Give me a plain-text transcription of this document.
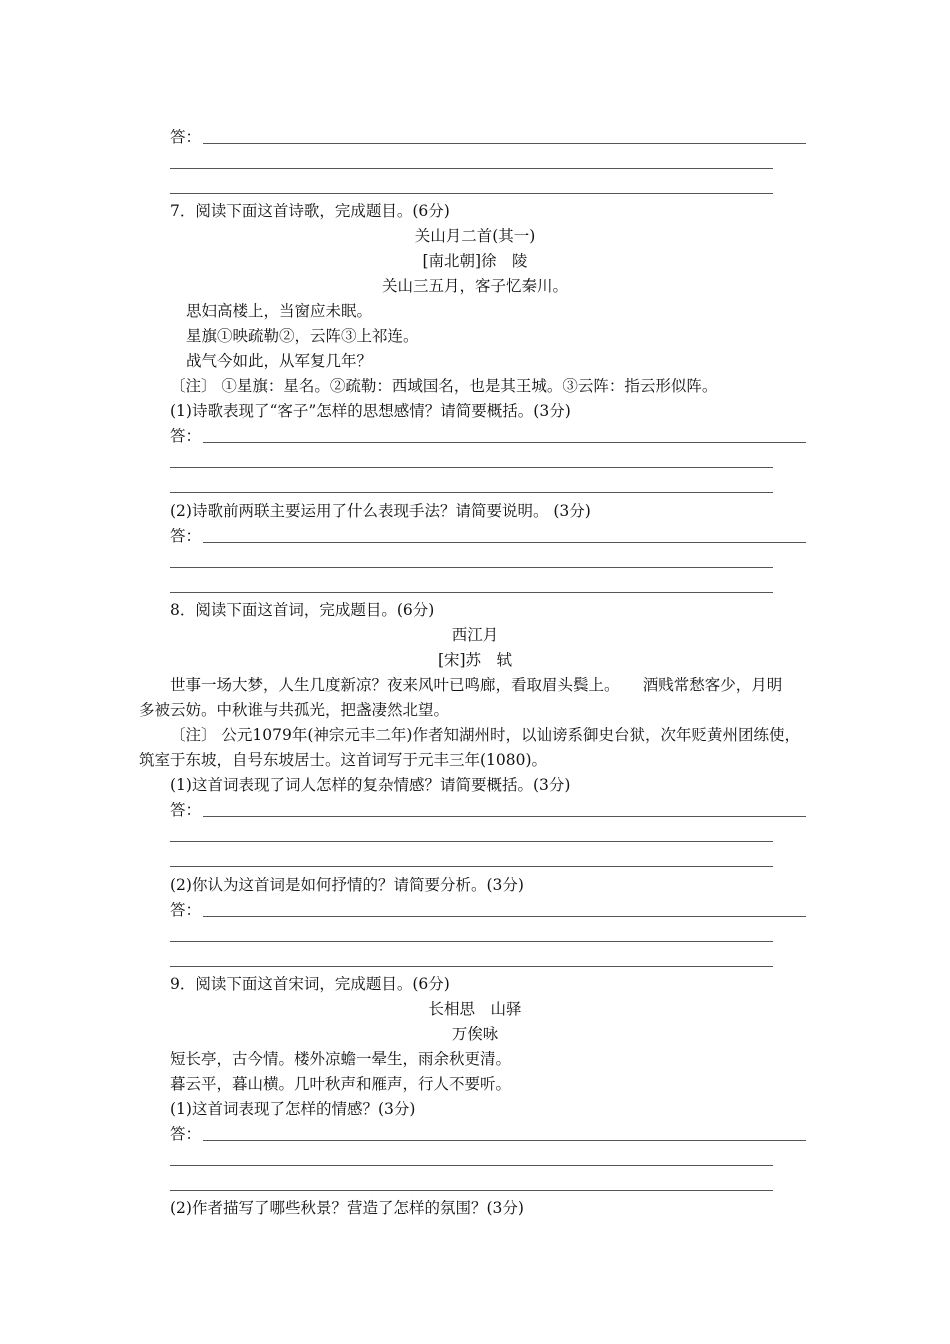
答：
7．阅读下面这首诗歌，完成题目。(6分)
关山月二首(其一)
[南北朝]徐　陵
关山三五月，客子忆秦川。
思妇高楼上，当窗应未眠。
星旗①映疏勒②，云阵③上祁连。
战气今如此，从军复几年？
〔注〕 ①星旗：星名。②疏勒：西域国名，也是其王城。③云阵：指云形似阵。
(1)诗歌表现了“客子”怎样的思想感情？请简要概括。(3分)
答：
(2)诗歌前两联主要运用了什么表现手法？请简要说明。 (3分)
答：
8．阅读下面这首词，完成题目。(6分)
西江月
[宋]苏　轼
世事一场大梦，人生几度新凉？夜来风叶已鸣廊，看取眉头鬓上。　　酒贱常愁客少，月明
多被云妨。中秋谁与共孤光，把盏凄然北望。
〔注〕 公元1079年(神宗元丰二年)作者知湖州时，以讪谤系御史台狱，次年贬黄州团练使，
筑室于东坡，自号东坡居士。这首词写于元丰三年(1080)。
(1)这首词表现了词人怎样的复杂情感？请简要概括。(3分)
答：
(2)你认为这首词是如何抒情的？请简要分析。(3分)
答：
9．阅读下面这首宋词，完成题目。(6分)
长相思　山驿
万俟咏
短长亭，古今情。楼外凉蟾一晕生，雨余秋更清。
暮云平，暮山横。几叶秋声和雁声，行人不要听。
(1)这首词表现了怎样的情感？(3分)
答：
(2)作者描写了哪些秋景？营造了怎样的氛围？(3分)
